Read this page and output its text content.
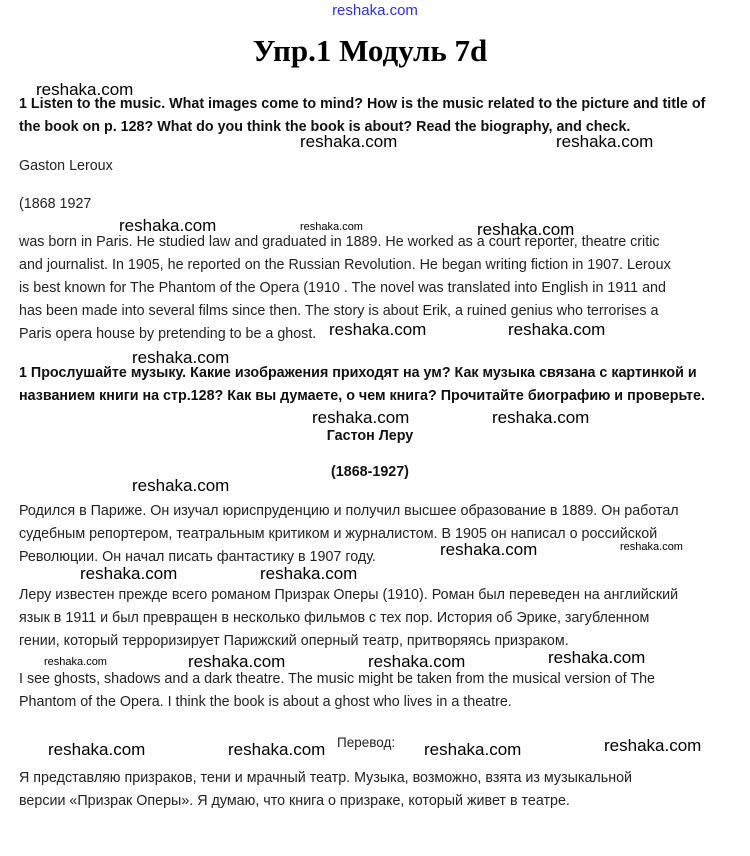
reshaka.com
Упр.1 Модуль 7d
1 Listen to the music. What images come to mind? How is the music related to the picture and title of
the book on p. 128? What do you think the book is about? Read the biography, and check.
Gaston Leroux
(1868 1927
was born in Paris. He studied law and graduated in 1889. He worked as a court reporter, theatre critic
and journalist. In 1905, he reported on the Russian Revolution. He began writing fiction in 1907. Leroux
is best known for The Phantom of the Opera (1910 . The novel was translated into English in 1911 and
has been made into several films since then. The story is about Erik, a ruined genius who terrorises a
Paris opera house by pretending to be a ghost.
1 Прослушайте музыку. Какие изображения приходят на ум? Как музыка связана с картинкой и
названием книги на стр.128? Как вы думаете, о чем книга? Прочитайте биографию и проверьте.
Гастон Леру
(1868-1927)
Родился в Париже. Он изучал юриспруденцию и получил высшее образование в 1889. Он работал
судебным репортером, театральным критиком и журналистом. В 1905 он написал о российской
Революции. Он начал писать фантастику в 1907 году.
Леру известен прежде всего романом Призрак Оперы (1910). Роман был переведен на английский
язык в 1911 и был превращен в несколько фильмов с тех пор. История об Эрике, загубленном
гении, который терроризирует Парижский оперный театр, притворяясь призраком.
I see ghosts, shadows and a dark theatre. The music might be taken from the musical version of The
Phantom of the Opera. I think the book is about a ghost who lives in a theatre.
Перевод:
Я представляю призраков, тени и мрачный театр. Музыка, возможно, взята из музыкальной
версии «Призрак Оперы». Я думаю, что книга о призраке, который живет в театре.
reshaka.com
reshaka.com	reshaka.com
reshaka.com	reshaka.com	reshaka.com
reshaka.com	reshaka.com
reshaka.com
reshaka.com	reshaka.com
reshaka.com
reshaka.com	reshaka.com
reshaka.com	reshaka.com
reshaka.com	reshaka.com	reshaka.com	reshaka.com
reshaka.com	reshaka.com	reshaka.com	reshaka.com
